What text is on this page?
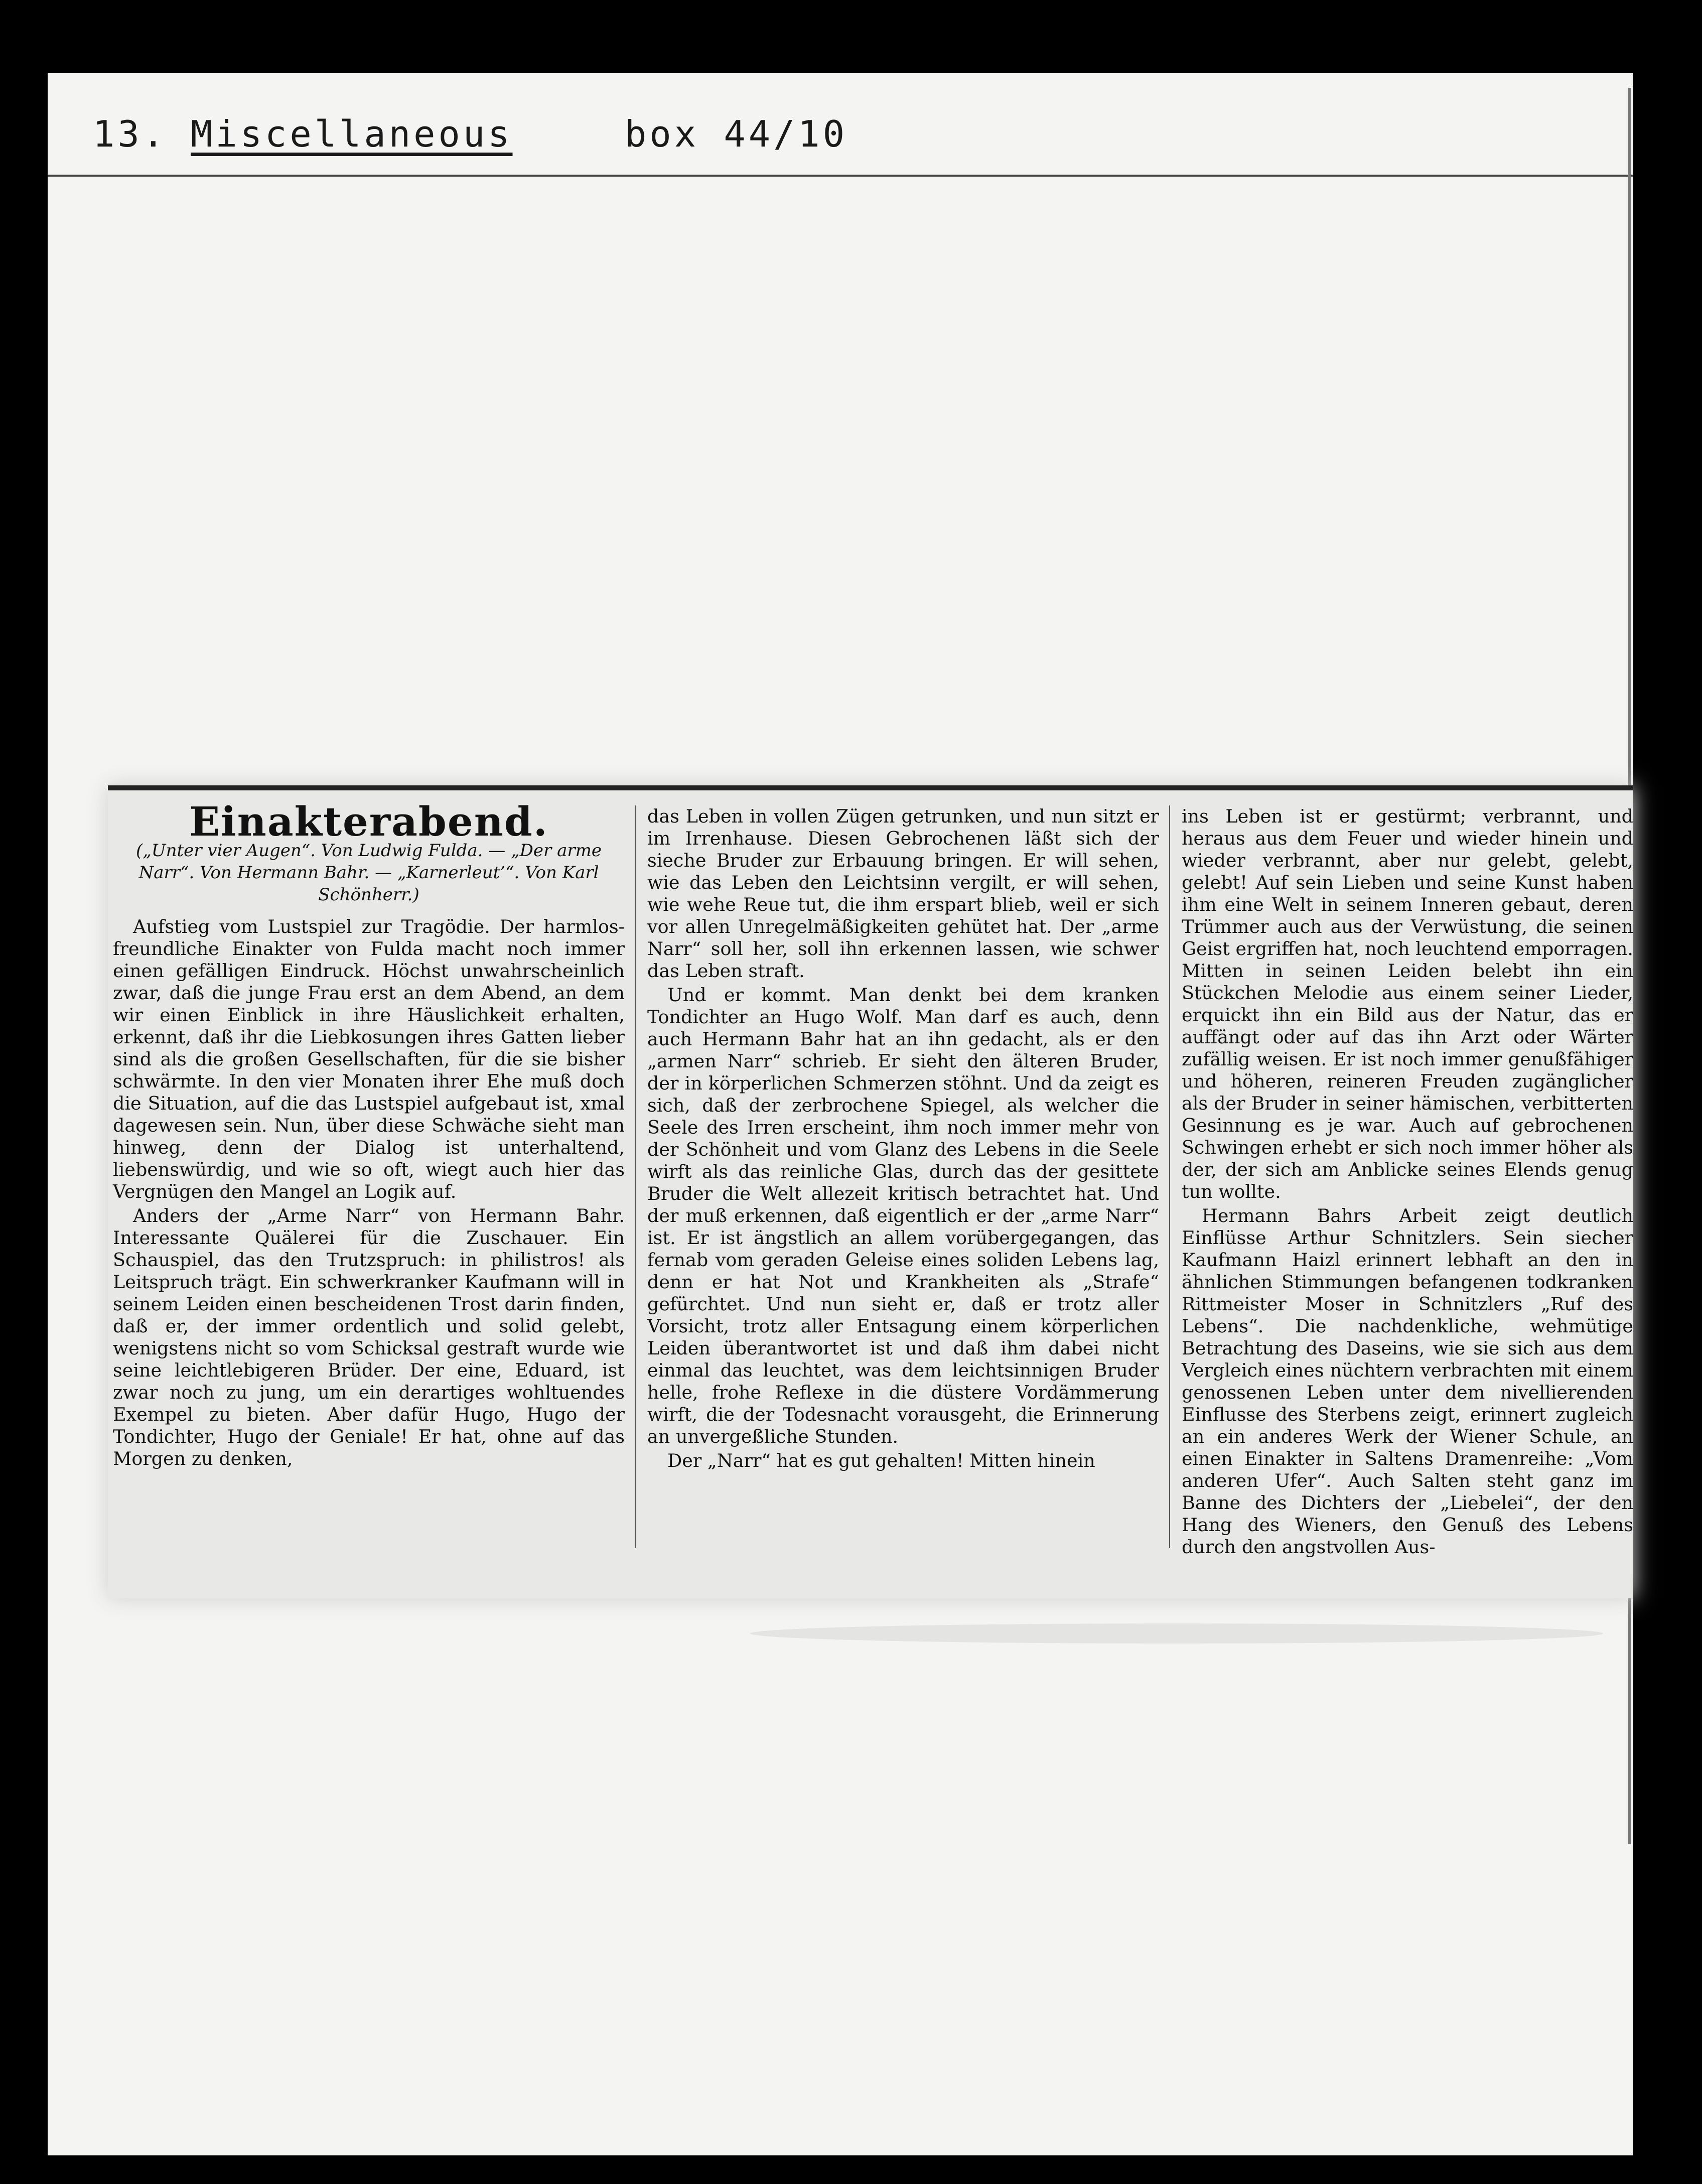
13. Miscellaneous	box 44/10
Einakterabend.
(„Unter vier Augen“. Von Ludwig Fulda. — „Der arme Narr“. Von Hermann Bahr. — „Karnerleut’“. Von Karl Schönherr.)

Aufstieg vom Lustspiel zur Tragödie. Der harmlos-freundliche Einakter von Fulda macht noch immer einen gefälligen Eindruck. Höchst unwahrscheinlich zwar, daß die junge Frau erst an dem Abend, an dem wir einen Einblick in ihre Häuslichkeit erhalten, erkennt, daß ihr die Liebkosungen ihres Gatten lieber sind als die großen Gesellschaften, für die sie bisher schwärmte. In den vier Monaten ihrer Ehe muß doch die Situation, auf die das Lustspiel aufgebaut ist, xmal dagewesen sein. Nun, über diese Schwäche sieht man hinweg, denn der Dialog ist unterhaltend, liebenswürdig, und wie so oft, wiegt auch hier das Vergnügen den Mangel an Logik auf.

Anders der „Arme Narr“ von Hermann Bahr. Interessante Quälerei für die Zuschauer. Ein Schauspiel, das den Trutzspruch: in philistros! als Leitspruch trägt. Ein schwerkranker Kaufmann will in seinem Leiden einen bescheidenen Trost darin finden, daß er, der immer ordentlich und solid gelebt, wenigstens nicht so vom Schicksal gestraft wurde wie seine leichtlebigeren Brüder. Der eine, Eduard, ist zwar noch zu jung, um ein derartiges wohltuendes Exempel zu bieten. Aber dafür Hugo, Hugo der Tondichter, Hugo der Geniale! Er hat, ohne auf das Morgen zu denken,

das Leben in vollen Zügen getrunken, und nun sitzt er im Irrenhause. Diesen Gebrochenen läßt sich der sieche Bruder zur Erbauung bringen. Er will sehen, wie das Leben den Leichtsinn vergilt, er will sehen, wie wehe Reue tut, die ihm erspart blieb, weil er sich vor allen Unregelmäßigkeiten gehütet hat. Der „arme Narr“ soll her, soll ihn erkennen lassen, wie schwer das Leben straft.

Und er kommt. Man denkt bei dem kranken Tondichter an Hugo Wolf. Man darf es auch, denn auch Hermann Bahr hat an ihn gedacht, als er den „armen Narr“ schrieb. Er sieht den älteren Bruder, der in körperlichen Schmerzen stöhnt. Und da zeigt es sich, daß der zerbrochene Spiegel, als welcher die Seele des Irren erscheint, ihm noch immer mehr von der Schönheit und vom Glanz des Lebens in die Seele wirft als das reinliche Glas, durch das der gesittete Bruder die Welt allezeit kritisch betrachtet hat. Und der muß erkennen, daß eigentlich er der „arme Narr“ ist. Er ist ängstlich an allem vorübergegangen, das fernab vom geraden Geleise eines soliden Lebens lag, denn er hat Not und Krankheiten als „Strafe“ gefürchtet. Und nun sieht er, daß er trotz aller Vorsicht, trotz aller Entsagung einem körperlichen Leiden überantwortet ist und daß ihm dabei nicht einmal das leuchtet, was dem leichtsinnigen Bruder helle, frohe Reflexe in die düstere Vordämmerung wirft, die der Todesnacht vorausgeht, die Erinnerung an unvergeßliche Stunden.

Der „Narr“ hat es gut gehalten! Mitten hinein

ins Leben ist er gestürmt; verbrannt, und heraus aus dem Feuer und wieder hinein und wieder verbrannt, aber nur gelebt, gelebt, gelebt! Auf sein Lieben und seine Kunst haben ihm eine Welt in seinem Inneren gebaut, deren Trümmer auch aus der Verwüstung, die seinen Geist ergriffen hat, noch leuchtend emporragen. Mitten in seinen Leiden belebt ihn ein Stückchen Melodie aus einem seiner Lieder, erquickt ihn ein Bild aus der Natur, das er auffängt oder auf das ihn Arzt oder Wärter zufällig weisen. Er ist noch immer genußfähiger und höheren, reineren Freuden zugänglicher als der Bruder in seiner hämischen, verbitterten Gesinnung es je war. Auch auf gebrochenen Schwingen erhebt er sich noch immer höher als der, der sich am Anblicke seines Elends genug tun wollte.

Hermann Bahrs Arbeit zeigt deutlich Einflüsse Arthur Schnitzlers. Sein siecher Kaufmann Haizl erinnert lebhaft an den in ähnlichen Stimmungen befangenen todkranken Rittmeister Moser in Schnitzlers „Ruf des Lebens“. Die nachdenkliche, wehmütige Betrachtung des Daseins, wie sie sich aus dem Vergleich eines nüchtern verbrachten mit einem genossenen Leben unter dem nivellierenden Einflusse des Sterbens zeigt, erinnert zugleich an ein anderes Werk der Wiener Schule, an einen Einakter in Saltens Dramenreihe: „Vom anderen Ufer“. Auch Salten steht ganz im Banne des Dichters der „Liebelei“, der den Hang des Wieners, den Genuß des Lebens durch den angstvollen Aus-
